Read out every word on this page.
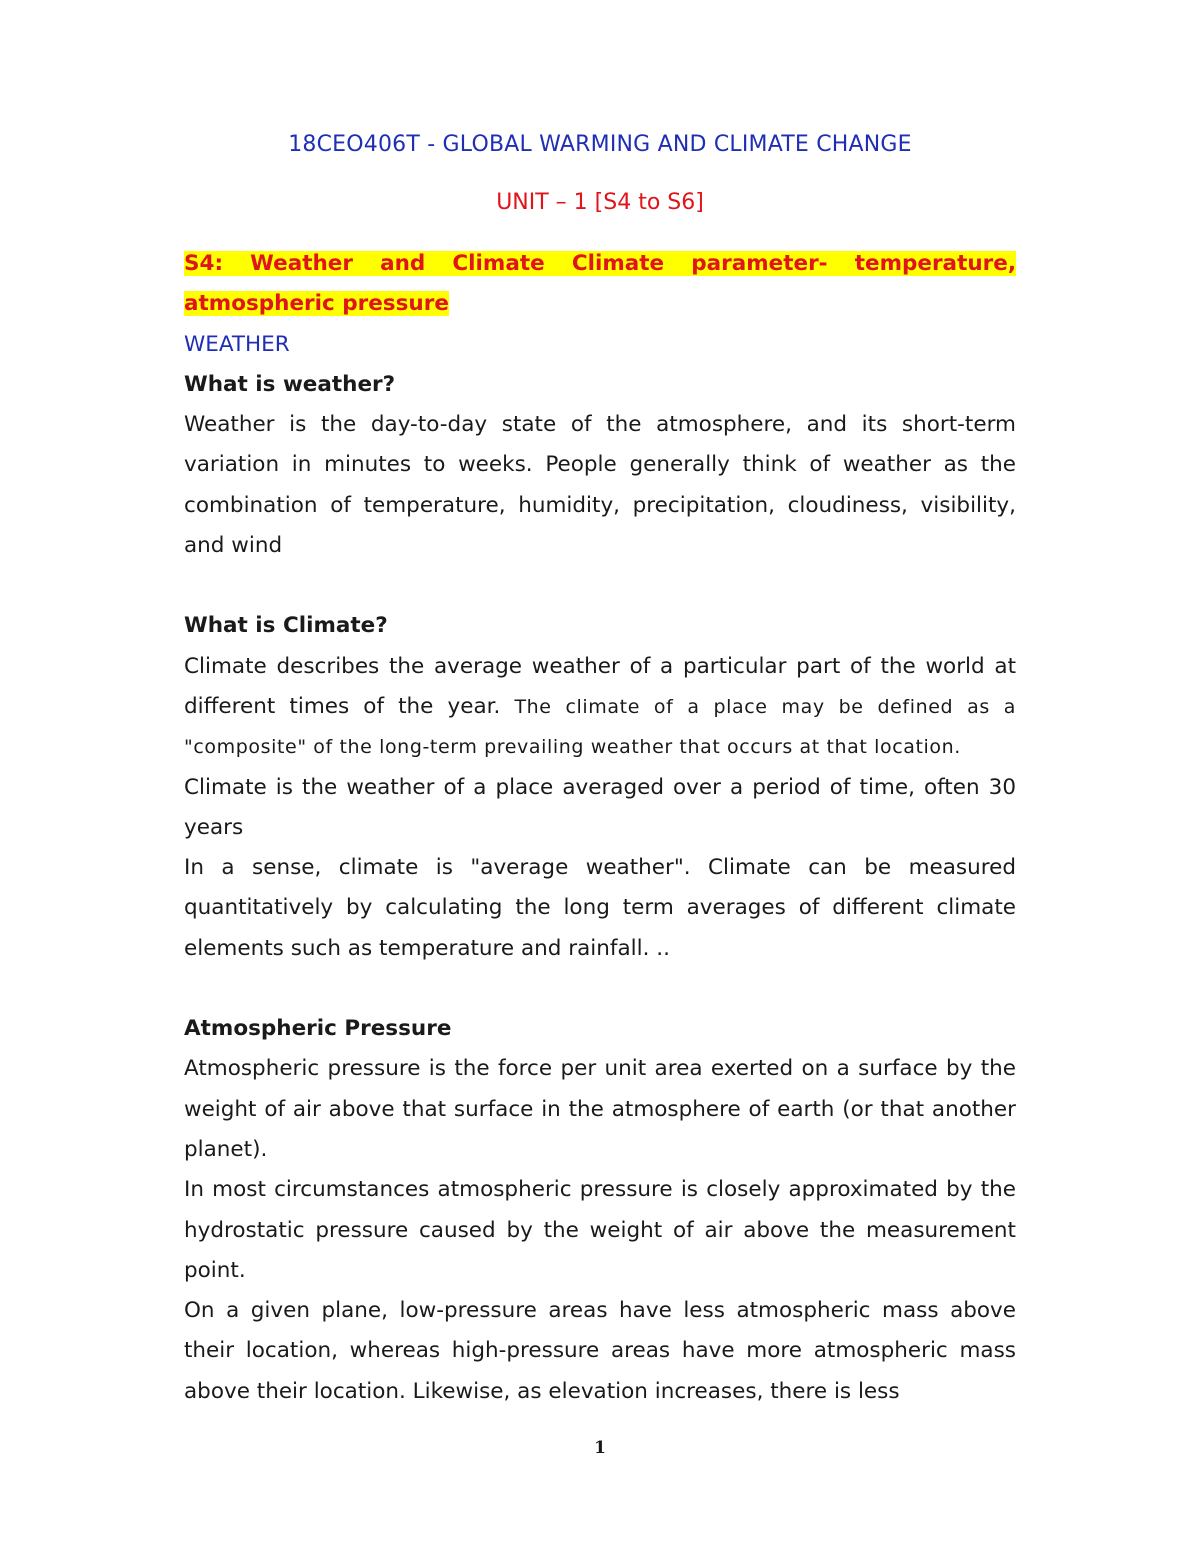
18CEO406T - GLOBAL WARMING AND CLIMATE CHANGE
UNIT – 1 [S4 to S6]

S4: Weather and Climate Climate parameter- temperature, atmospheric pressure

WEATHER

What is weather?

Weather is the day-to-day state of the atmosphere, and its short-term variation in minutes to weeks. People generally think of weather as the combination of temperature, humidity, precipitation, cloudiness, visibility, and wind

What is Climate?

Climate describes the average weather of a particular part of the world at different times of the year. The climate of a place may be defined as a "composite" of the long-term prevailing weather that occurs at that location.

Climate is the weather of a place averaged over a period of time, often 30 years

In a sense, climate is "average weather". Climate can be measured quantitatively by calculating the long term averages of different climate elements such as temperature and rainfall. ..

Atmospheric Pressure

Atmospheric pressure is the force per unit area exerted on a surface by the weight of air above that surface in the atmosphere of earth (or that another planet).

In most circumstances atmospheric pressure is closely approximated by the hydrostatic pressure caused by the weight of air above the measurement point.

On a given plane, low-pressure areas have less atmospheric mass above their location, whereas high-pressure areas have more atmospheric mass above their location. Likewise, as elevation increases, there is less

1
